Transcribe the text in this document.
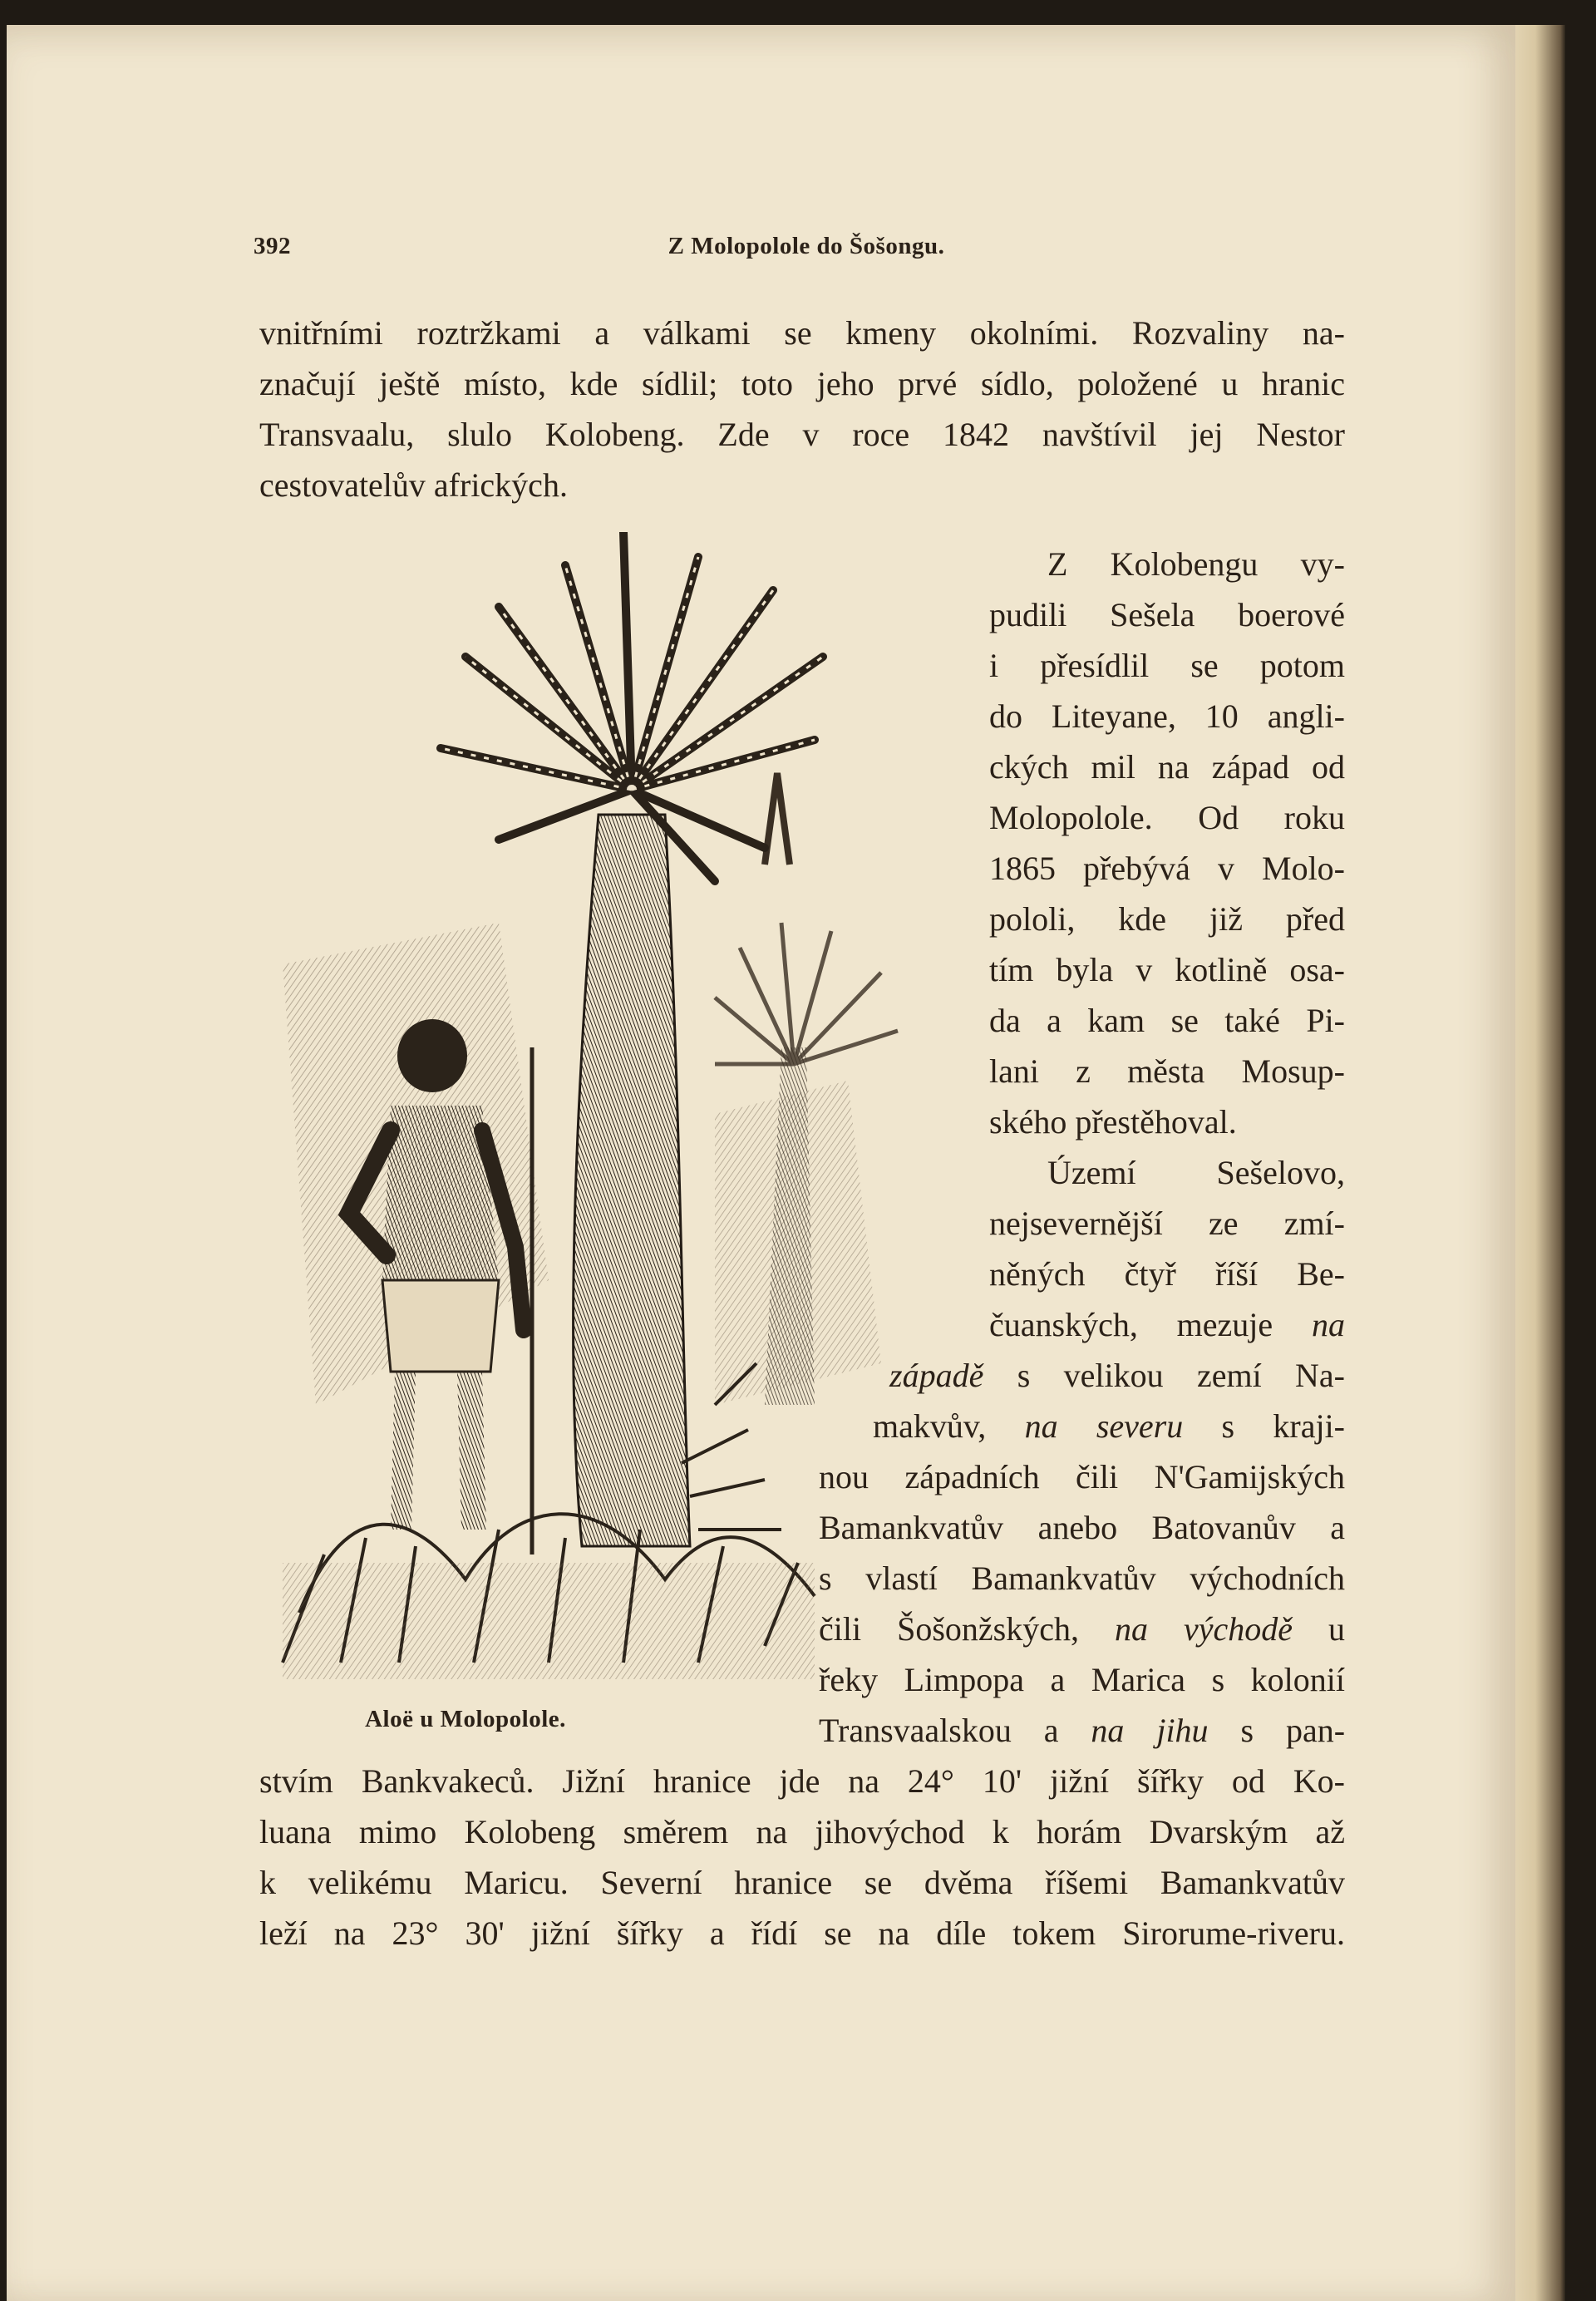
392	Z Molopolole do Šošongu.
vnitřními roztržkami a válkami se kmeny okolními. Rozvaliny na-
značují ještě místo, kde sídlil; toto jeho prvé sídlo, položené u hranic
Transvaalu, slulo Kolobeng. Zde v roce 1842 navštívil jej Nestor
cestovatelův afrických.
Z Kolobengu vy-
pudili Sešela boerové
i přesídlil se potom
do Liteyane, 10 angli-
ckých mil na západ od
Molopolole. Od roku
1865 přebývá v Molo-
pololi, kde již před
tím byla v kotlině osa-
da a kam se také Pi-
lani z města Mosup-
ského přestěhoval.
Území Sešelovo,
nejsevernější ze zmí-
něných čtyř říší Be-
čuanských, mezuje na
západě s velikou zemí Na-
makvův, na severu s kraji-
nou západních čili N'Gamijských
Bamankvatův anebo Batovanův a
s vlastí Bamankvatův východních
čili Šošonžských, na východě u
řeky Limpopa a Marica s kolonií
Transvaalskou a na jihu s pan-
stvím Bankvakeců. Jižní hranice jde na 24° 10' jižní šířky od Ko-
luana mimo Kolobeng směrem na jihovýchod k horám Dvarským až
k velikému Maricu. Severní hranice se dvěma říšemi Bamankvatův
leží na 23° 30' jižní šířky a řídí se na díle tokem Sirorume-riveru.
Aloë u Molopolole.
